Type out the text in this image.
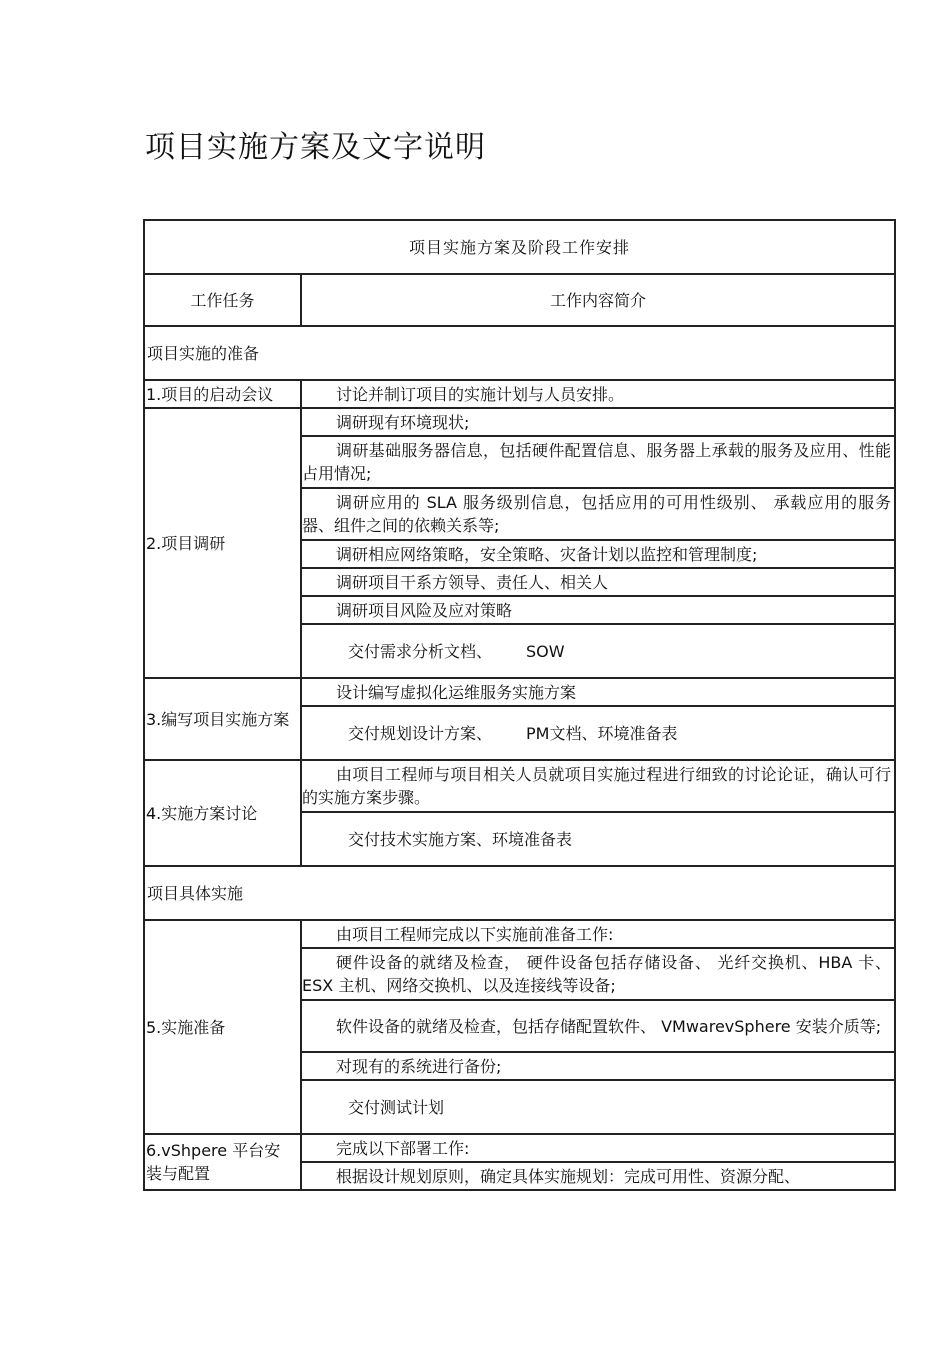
项目实施方案及文字说明
项目实施方案及阶段工作安排	
工作任务	工作内容简介
项目实施的准备	
1.项目的启动会议	讨论并制订项目的实施计划与人员安排。

2.项目调研	调研现有环境现状;

	调研基础服务器信息，包括硬件配置信息、服务器上承载的服务及应用、性能占用情况;

	调研应用的 SLA 服务级别信息，包括应用的可用性级别、 承载应用的服务器、组件之间的依赖关系等;

	调研相应网络策略，安全策略、灾备计划以监控和管理制度;

	调研项目干系方领导、责任人、相关人

	调研项目风险及应对策略

	交付需求分析文档、 SOW
3.编写项目实施方案	设计编写虚拟化运维服务实施方案

	交付规划设计方案、 PM文档、环境准备表
4.实施方案讨论	由项目工程师与项目相关人员就项目实施过程进行细致的讨论论证，确认可行的实施方案步骤。

	交付技术实施方案、环境准备表
项目具体实施	
5.实施准备	由项目工程师完成以下实施前准备工作:

	硬件设备的就绪及检查， 硬件设备包括存储设备、 光纤交换机、HBA 卡、 ESX 主机、网络交换机、以及连接线等设备;

	软件设备的就绪及检查，包括存储配置软件、 VMwarevSphere 安装介质等;

	对现有的系统进行备份;

	交付测试计划
6.vShpere 平台安装与配置	完成以下部署工作:

	根据设计规划原则，确定具体实施规划：完成可用性、资源分配、
